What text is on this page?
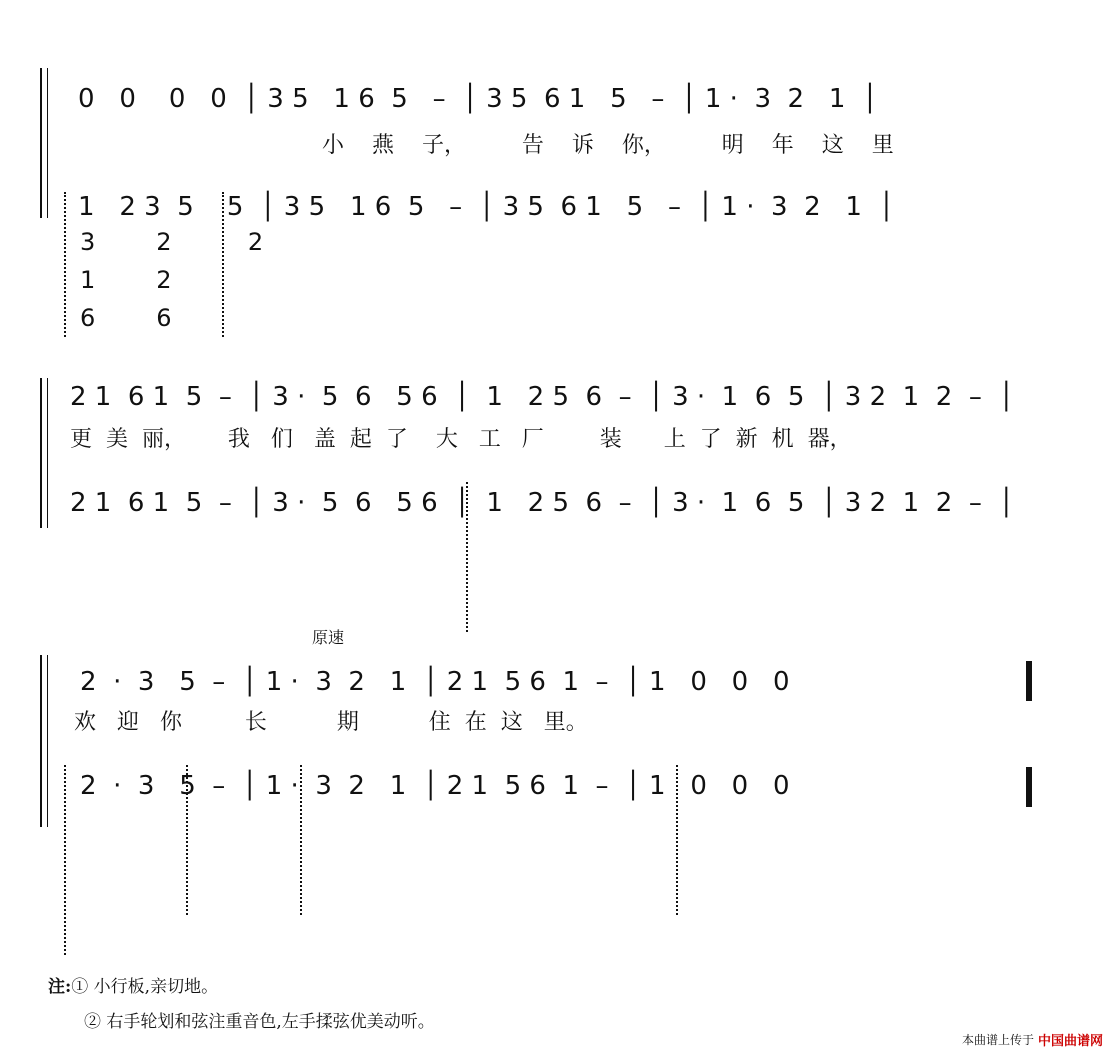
0   0    0   0  │ 3 5   1 6  5   –  │ 3 5  6 1   5   –  │ 1 ·  3  2   1  │
小    燕    子，        告    诉    你，        明    年    这    里
1   2 3  5    5  │ 3 5   1 6  5   –  │ 3 5  6 1   5   –  │ 1 ·  3  2   1  │
3        2          2
1        2
6        6
2 1  6 1  5  –  │ 3 ·  5  6   5 6  │  1   2 5  6  –  │ 3 ·  1  6  5  │ 3 2  1  2  –  │
更  美  丽，      我   们   盖  起  了    大   工   厂        装      上  了  新  机  器，
2 1  6 1  5  –  │ 3 ·  5  6   5 6  │  1   2 5  6  –  │ 3 ·  1  6  5  │ 3 2  1  2  –  │
原速
2  ·  3   5  –  │ 1 ·  3  2   1  │ 2 1  5 6  1  –  │ 1   0   0   0
欢   迎   你         长          期          住  在  这   里。
2  ·  3   5  –  │ 1 ·  3  2   1  │ 2 1  5 6  1  –  │ 1   0   0   0
注:① 小行板,亲切地。
② 右手轮划和弦注重音色,左手揉弦优美动听。
本曲谱上传于 中国曲谱网
